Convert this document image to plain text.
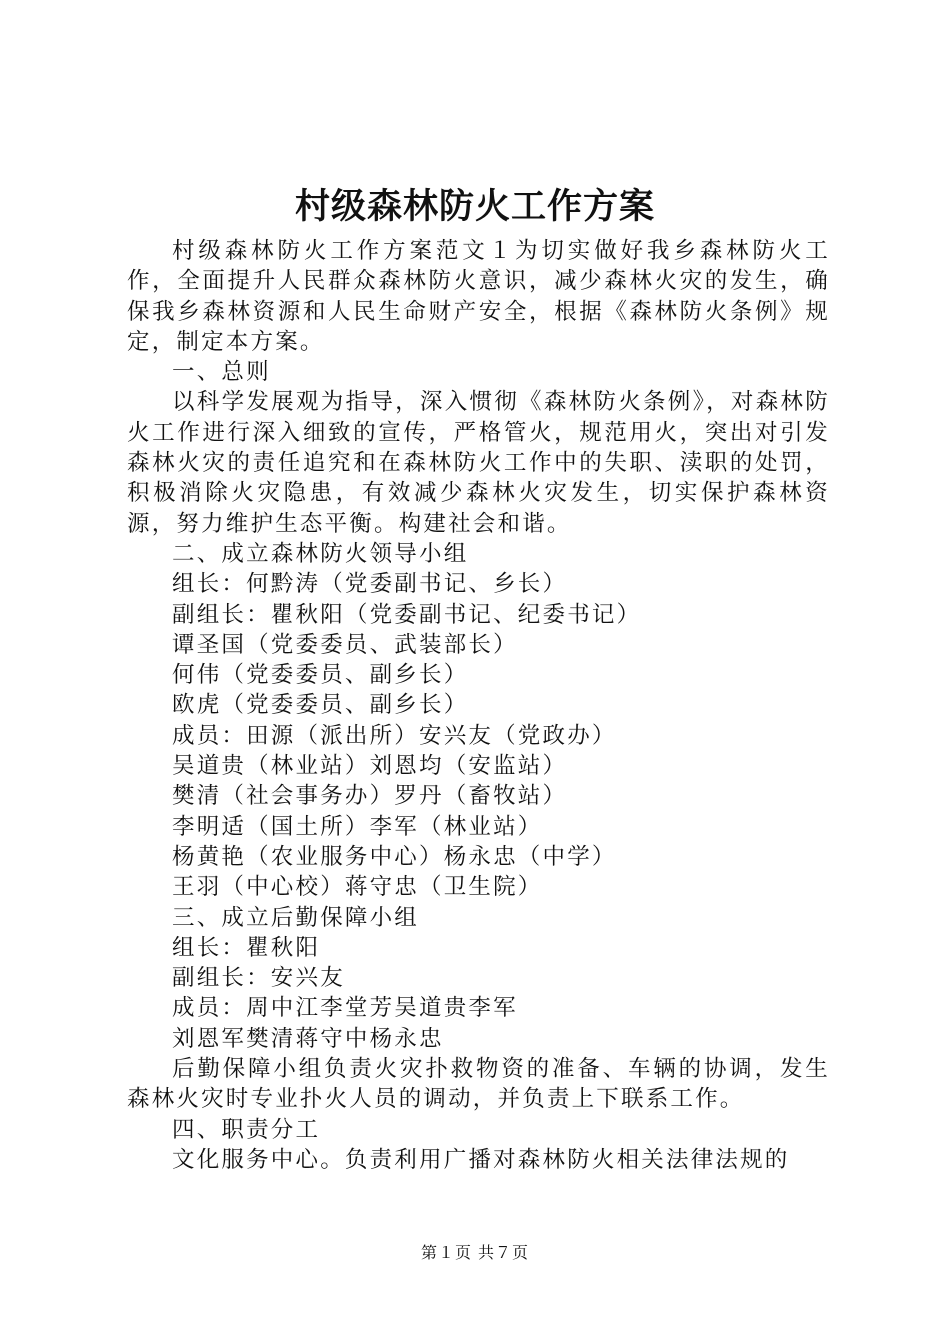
村级森林防火工作方案

村级森林防火工作方案范文１为切实做好我乡森林防火工作，全面提升人民群众森林防火意识，减少森林火灾的发生，确保我乡森林资源和人民生命财产安全，根据《森林防火条例》规定，制定本方案。

一、总则

以科学发展观为指导，深入惯彻《森林防火条例》，对森林防火工作进行深入细致的宣传，严格管火，规范用火，突出对引发森林火灾的责任追究和在森林防火工作中的失职、渎职的处罚，积极消除火灾隐患，有效减少森林火灾发生，切实保护森林资源，努力维护生态平衡。构建社会和谐。

二、成立森林防火领导小组

组长：何黔涛（党委副书记、乡长）

副组长：瞿秋阳（党委副书记、纪委书记）

谭圣国（党委委员、武装部长）

何伟（党委委员、副乡长）

欧虎（党委委员、副乡长）

成员：田源（派出所）安兴友（党政办）

吴道贵（林业站）刘恩均（安监站）

樊清（社会事务办）罗丹（畜牧站）

李明适（国土所）李军（林业站）

杨黄艳（农业服务中心）杨永忠（中学）

王羽（中心校）蒋守忠（卫生院）

三、成立后勤保障小组

组长：瞿秋阳

副组长：安兴友

成员：周中江李堂芳吴道贵李军

刘恩军樊清蒋守中杨永忠

后勤保障小组负责火灾扑救物资的准备、车辆的协调，发生森林火灾时专业扑火人员的调动，并负责上下联系工作。

四、职责分工

文化服务中心。负责利用广播对森林防火相关法律法规的

第１页 共７页
